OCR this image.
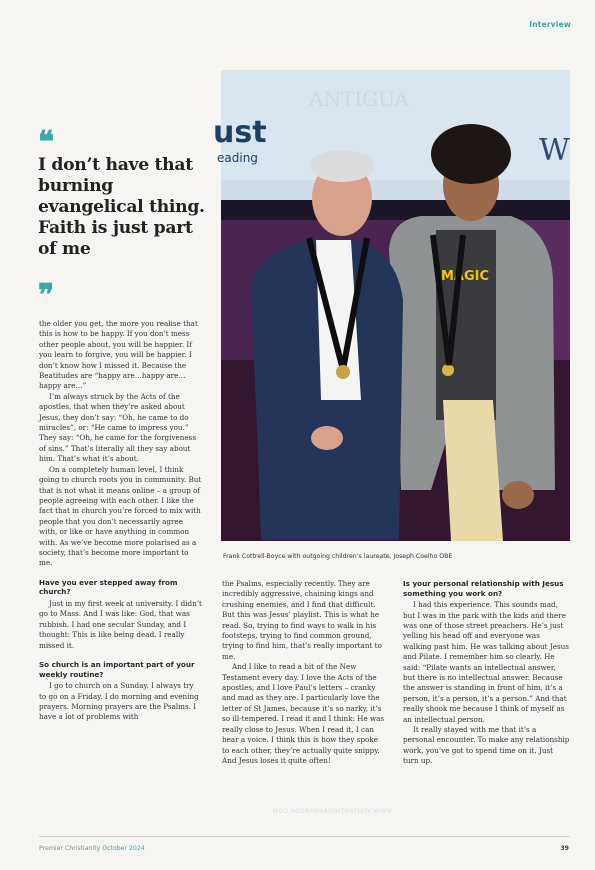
Interview
❝
I don’t have that burning evangelical thing. Faith is just part of me
❞
ust
eading	W
ANTIGUA
MAGIC
Frank Cottrell-Boyce with outgoing children’s laureate, Joseph Coelho OBE

the older you get, the more you realise that this is how to be happy. If you don’t mess other people about, you will be happier. If you learn to forgive, you will be happier. I don’t know how I missed it. Because the Beatitudes are “happy are…happy are…happy are…”

I’m always struck by the Acts of the apostles, that when they’re asked about Jesus, they don’t say: “Oh, he came to do miracles”, or: “He came to impress you.” They say: “Oh, he came for the forgiveness of sins.” That’s literally all they say about him. That’s what it’s about.

On a completely human level, I think going to church roots you in community. But that is not what it means online – a group of people agreeing with each other. I like the fact that in church you’re forced to mix with people that you don’t necessarily agree with, or like or have anything in common with. As we’ve become more polarised as a society, that’s become more important to me.

Have you ever stepped away from church?

Just in my first week at university. I didn’t go to Mass. And I was like: God, that was rubbish. I had one secular Sunday, and I thought: This is like being dead. I really missed it.

So church is an important part of your weekly routine?

I go to church on a Sunday. I always try to go on a Friday. I do morning and evening prayers. Morning prayers are the Psalms. I have a lot of problems with

the Psalms, especially recently. They are incredibly aggressive, chaining kings and crushing enemies, and I find that difficult. But this was Jesus’ playlist. This is what he read. So, trying to find ways to walk in his footsteps, trying to find common ground, trying to find him, that’s really important to me.

And I like to read a bit of the New Testament every day. I love the Acts of the apostles, and I love Paul’s letters – cranky and mad as they are. I particularly love the letter of St James, because it’s so narky, it’s so ill-tempered. I read it and I think: He was really close to Jesus. When I read it, I can hear a voice. I think this is how they spoke to each other, they’re actually quite snippy. And Jesus loses it quite often!

Is your personal relationship with Jesus something you work on?

I had this experience. This sounds mad, but I was in the park with the kids and there was one of those street preachers. He’s just yelling his head off and everyone was walking past him. He was talking about Jesus and Pilate. I remember him so clearly. He said: “Pilate wants an intellectual answer, but there is no intellectual answer. Because the answer is standing in front of him, it’s a person, it’s a person, it’s a person.” And that really shook me because I think of myself as an intellectual person.

It really stayed with me that it’s a personal encounter. To make any relationship work, you’ve got to spend time on it. Just turn up.

WWW.VISITANTIGUABARBUDA.COM
Premier Christianity October 2024	39
